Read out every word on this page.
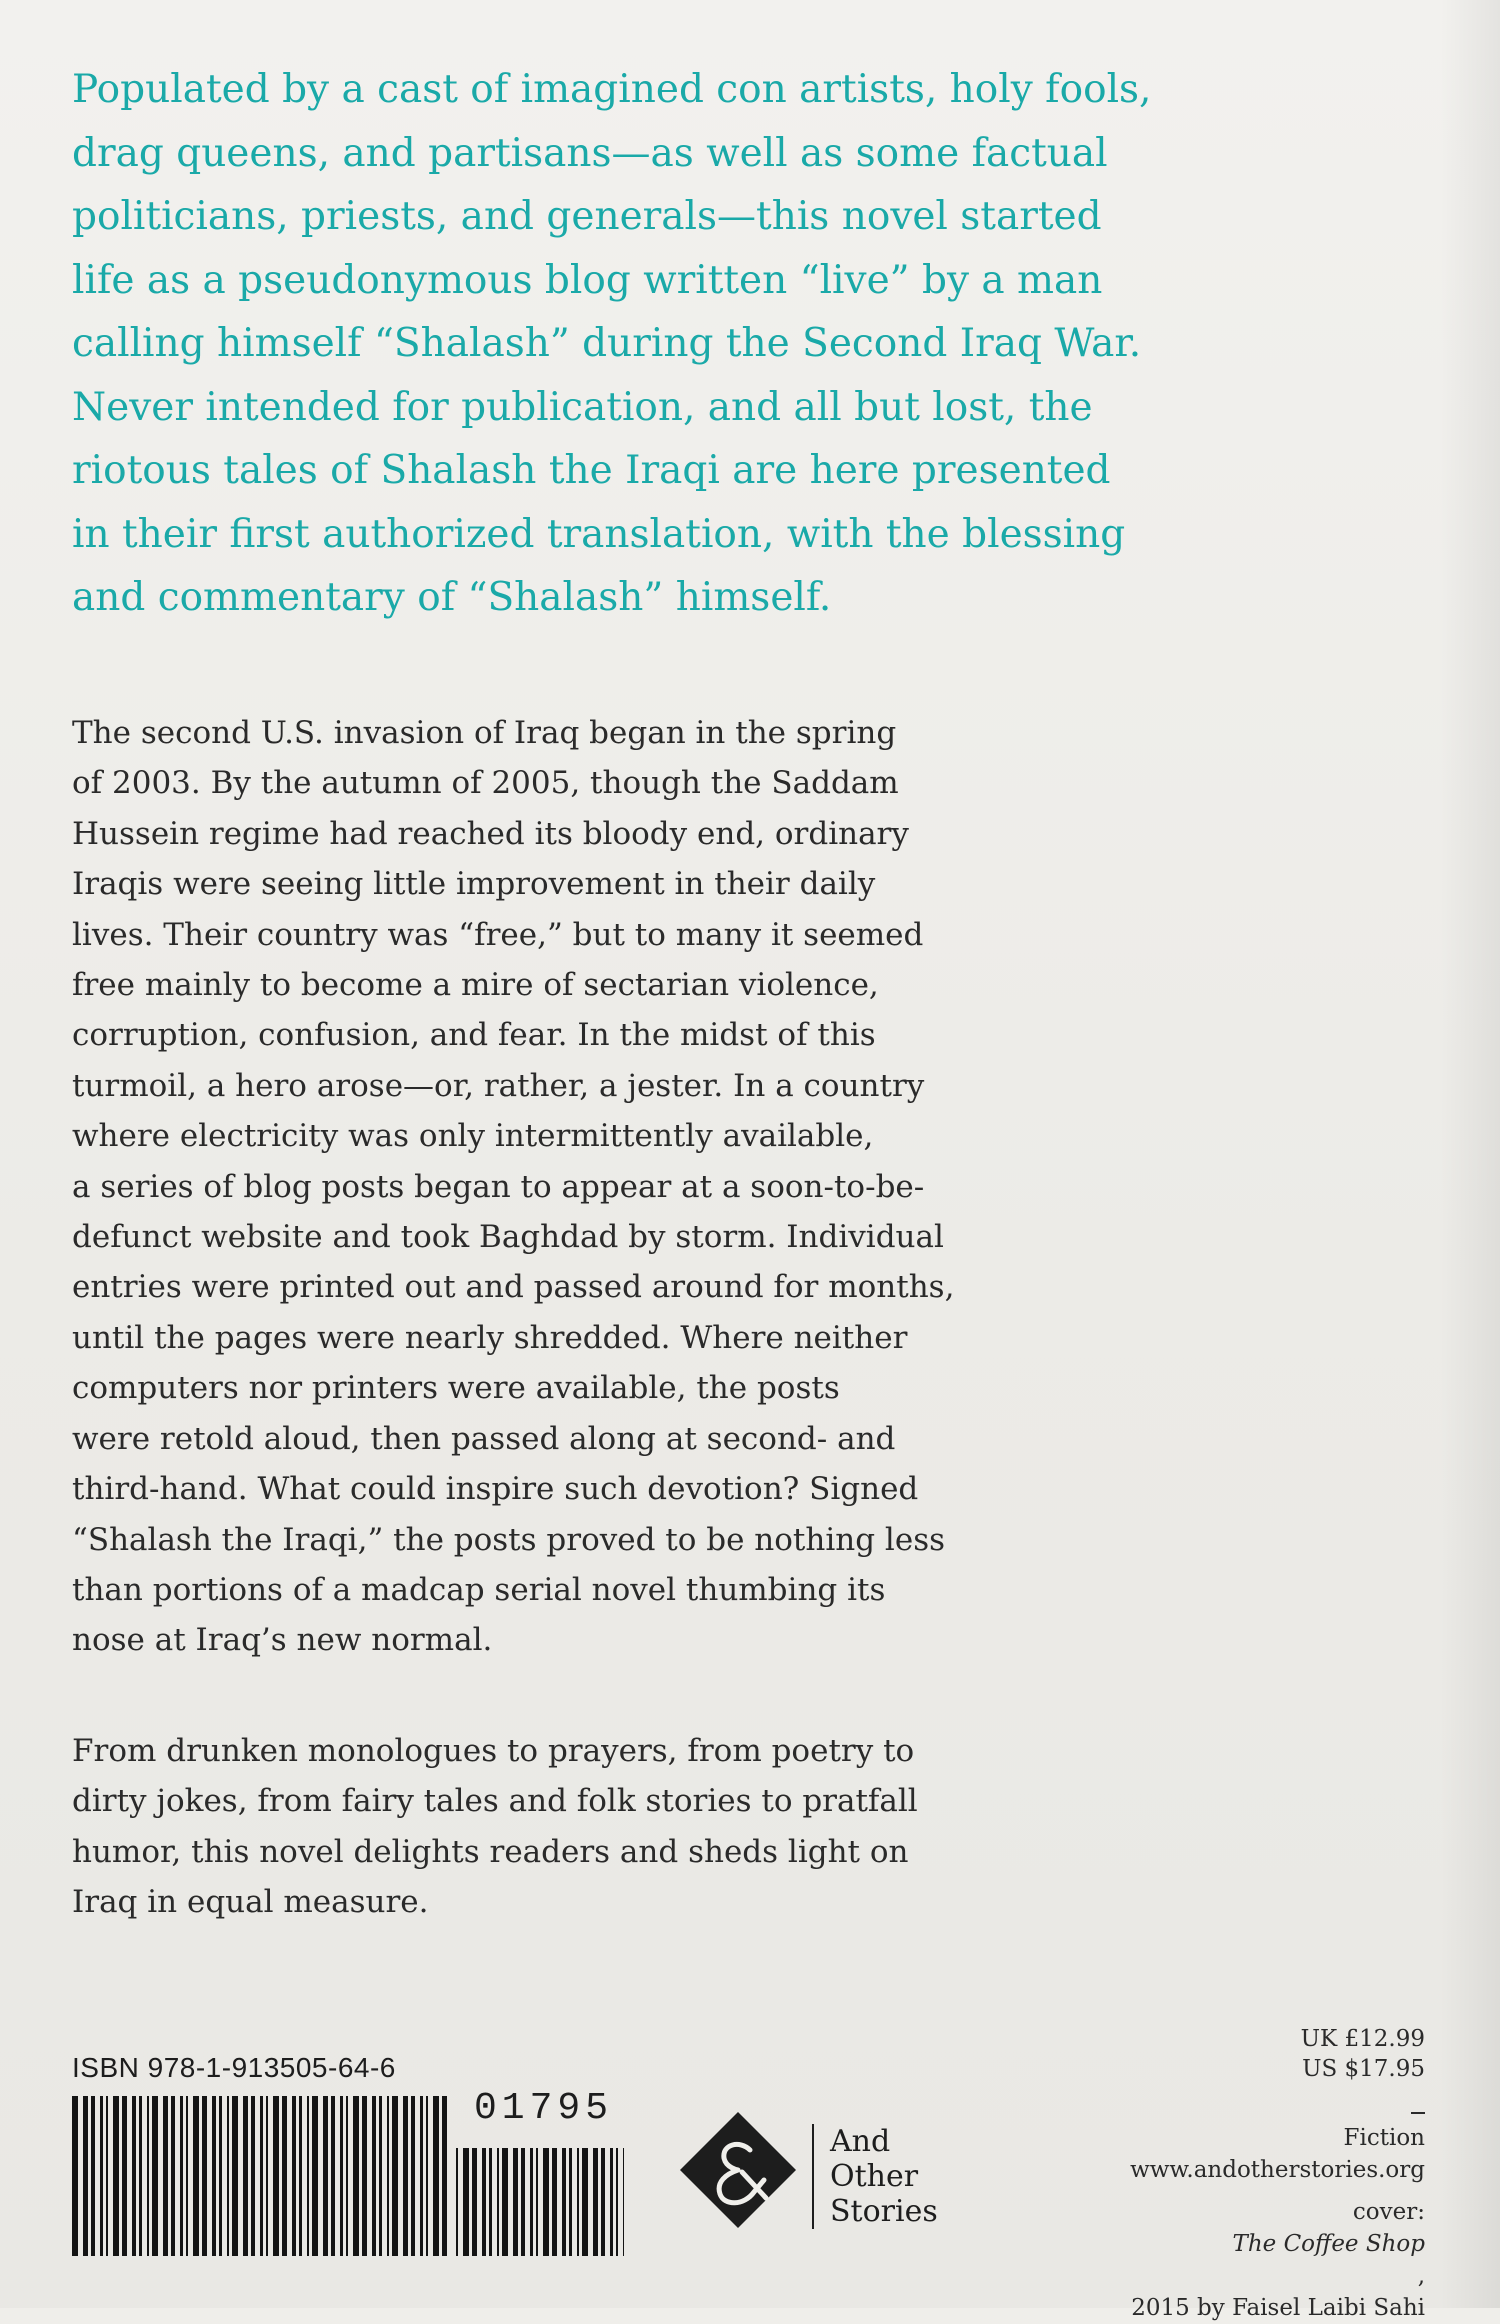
Populated by a cast of imagined con artists, holy fools,
drag queens, and partisans—as well as some factual
politicians, priests, and generals—this novel started
life as a pseudonymous blog written “live” by a man
calling himself “Shalash” during the Second Iraq War.
Never intended for publication, and all but lost, the
riotous tales of Shalash the Iraqi are here presented
in their first authorized translation, with the blessing
and commentary of “Shalash” himself.

The second U.S. invasion of Iraq began in the spring
of 2003. By the autumn of 2005, though the Saddam
Hussein regime had reached its bloody end, ordinary
Iraqis were seeing little improvement in their daily
lives. Their country was “free,” but to many it seemed
free mainly to become a mire of sectarian violence,
corruption, confusion, and fear. In the midst of this
turmoil, a hero arose—or, rather, a jester. In a country
where electricity was only intermittently available,
a series of blog posts began to appear at a soon-to-be-
defunct website and took Baghdad by storm. Individual
entries were printed out and passed around for months,
until the pages were nearly shredded. Where neither
computers nor printers were available, the posts
were retold aloud, then passed along at second- and
third-hand. What could inspire such devotion? Signed
“Shalash the Iraqi,” the posts proved to be nothing less
than portions of a madcap serial novel thumbing its
nose at Iraq’s new normal.

From drunken monologues to prayers, from poetry to
dirty jokes, from fairy tales and folk stories to pratfall
humor, this novel delights readers and sheds light on
Iraq in equal measure.

ISBN 978-1-913505-64-6
01795
And
Other
Stories
UK £12.99
US $17.95
Fiction
www.andotherstories.org
cover:
The Coffee Shop
,
2015 by Faisel Laibi Sahi
